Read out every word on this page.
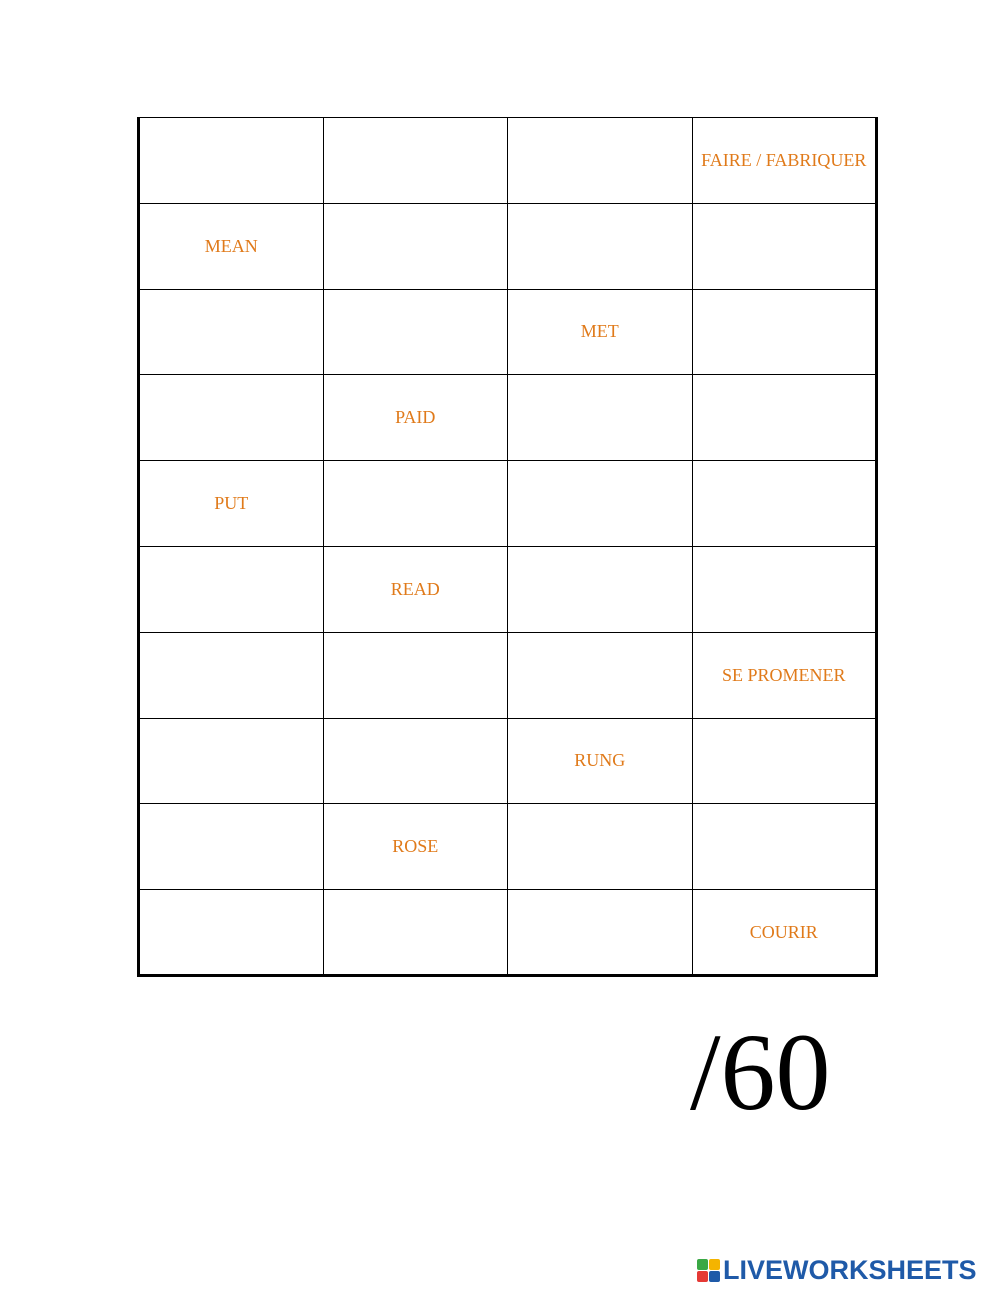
			FAIRE / FABRIQUER
MEAN			
		MET	
	PAID		
PUT			
	READ		
			SE PROMENER
		RUNG	
	ROSE		
			COURIR
/60
LIVEWORKSHEETS
